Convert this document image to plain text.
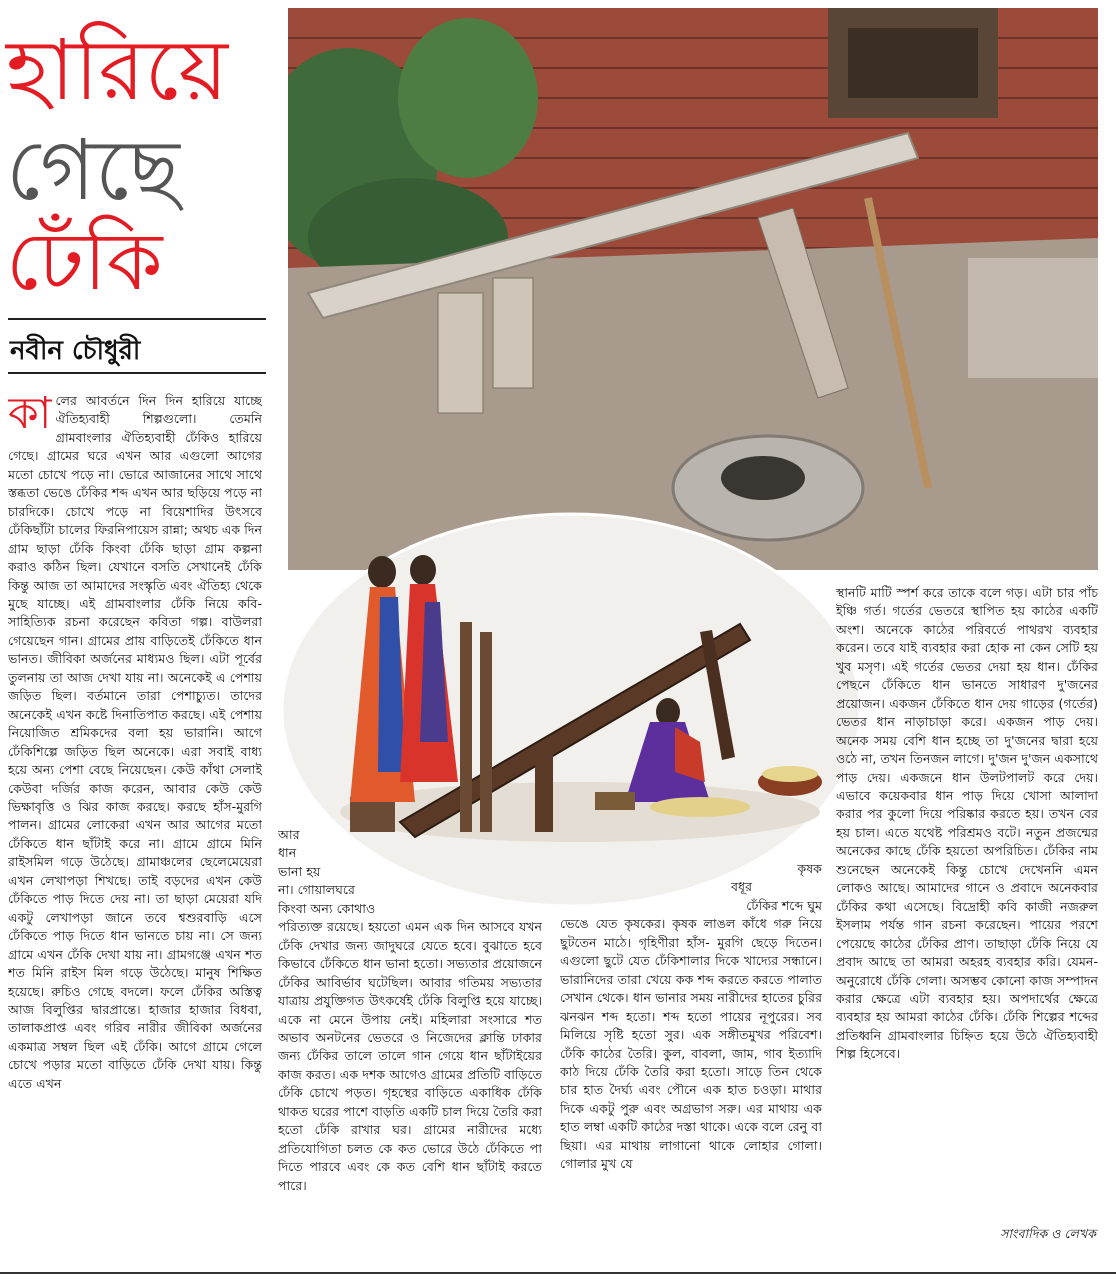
হারিয়ে
গেছে
ঢেঁকি
নবীন চৌধুরী
কা লের আবর্তনে দিন দিন হারিয়ে যাচ্ছে ঐতিহ্যবাহী শিল্পগুলো। তেমনি গ্রামবাংলার ঐতিহ্যবাহী ঢেঁকিও হারিয়ে গেছে। গ্রামের ঘরে এখন আর এগুলো আগের মতো চোখে পড়ে না। ভোরে আজানের সাথে সাথে স্তব্ধতা ভেঙে ঢেঁকির শব্দ এখন আর ছড়িয়ে পড়ে না চারদিকে। চোখে পড়ে না বিয়েশাদির উৎসবে ঢেঁকিছাঁটা চালের ফিরনিপায়েস রান্না; অথচ এক দিন গ্রাম ছাড়া ঢেঁকি কিংবা ঢেঁকি ছাড়া গ্রাম কল্পনা করাও কঠিন ছিল। যেখানে বসতি সেখানেই ঢেঁকি কিন্তু আজ তা আমাদের সংস্কৃতি এবং ঐতিহ্য থেকে মুছে যাচ্ছে। এই গ্রামবাংলার ঢেঁকি নিয়ে কবি-সাহিত্যিক রচনা করেছেন কবিতা গল্প। বাউলরা গেয়েছেন গান। গ্রামের প্রায় বাড়িতেই ঢেঁকিতে ধান ভানত। জীবিকা অর্জনের মাধ্যমও ছিল। এটা পূর্বের তুলনায় তা আজ দেখা যায় না। অনেকেই এ পেশায় জড়িত ছিল। বর্তমানে তারা পেশাচ্যুত। তাদের অনেকেই এখন কষ্টে দিনাতিপাত করছে। এই পেশায় নিয়োজিত শ্রমিকদের বলা হয় ভারানি। আগে ঢেঁকিশিল্পে জড়িত ছিল অনেকে। এরা সবাই বাধ্য হয়ে অন্য পেশা বেছে নিয়েছেন। কেউ কাঁথা সেলাই কেউবা দর্জির কাজ করেন, আবার কেউ কেউ ভিক্ষাবৃত্তি ও ঝির কাজ করছে। করছে হাঁস-মুরগি পালন। গ্রামের লোকেরা এখন আর আগের মতো ঢেঁকিতে ধান ছাঁটাই করে না। গ্রামে গ্রামে মিনি রাইসমিল গড়ে উঠেছে। গ্রামাঞ্চলের ছেলেমেয়েরা এখন লেখাপড়া শিখছে। তাই বড়দের এখন কেউ ঢেঁকিতে পাড় দিতে দেয় না। তা ছাড়া মেয়েরা যদি একটু লেখাপড়া জানে তবে শ্বশুরবাড়ি এসে ঢেঁকিতে পাড় দিতে ধান ভানতে চায় না। সে জন্য গ্রামে এখন ঢেঁকি দেখা যায় না। গ্রামগঞ্জে এখন শত শত মিনি রাইস মিল গড়ে উঠেছে। মানুষ শিক্ষিত হয়েছে। রুচিও গেছে বদলে। ফলে ঢেঁকির অস্তিত্ব আজ বিলুপ্তির দ্বারপ্রান্তে। হাজার হাজার বিধবা, তালাকপ্রাপ্ত এবং গরিব নারীর জীবিকা অর্জনের একমাত্র সম্বল ছিল এই ঢেঁকি। আগে গ্রামে গেলে চোখে পড়ার মতো বাড়িতে ঢেঁকি দেখা যায়। কিন্তু এতে এখন
আর
ধান
ভানা হয়
না। গোয়ালঘরে
কিংবা অন্য কোথাও
পরিত্যক্ত রয়েছে। হয়তো এমন এক দিন আসবে যখন ঢেঁকি দেখার জন্য জাদুঘরে যেতে হবে। বুঝাতে হবে কিভাবে ঢেঁকিতে ধান ভানা হতো। সভ্যতার প্রয়োজনে ঢেঁকির আবির্ভাব ঘটেছিল। আবার গতিময় সভ্যতার যাত্রায় প্রযুক্তিগত উৎকর্ষেই ঢেঁকি বিলুপ্তি হয়ে যাচ্ছে। একে না মেনে উপায় নেই। মহিলারা সংসারে শত অভাব অনটনের ভেতরে ও নিজেদের ক্লান্তি ঢাকার জন্য ঢেঁকির তালে তালে গান গেয়ে ধান ছাঁটাইয়ের কাজ করত। এক দশক আগেও গ্রামের প্রতিটি বাড়িতে ঢেঁকি চোখে পড়ত। গৃহস্থের বাড়িতে একাধিক ঢেঁকি থাকত ঘরের পাশে বাড়তি একটি চাল দিয়ে তৈরি করা হতো ঢেঁকি রাখার ঘর। গ্রামের নারীদের মধ্যে প্রতিযোগিতা চলত কে কত ভোরে উঠে ঢেঁকিতে পা দিতে পারবে এবং কে কত বেশি ধান ছাঁটাই করতে পারে।
কৃষক
বধূর
ঢেঁকির শব্দে ঘুম
ভেঙে যেত কৃষকের। কৃষক লাঙল কাঁধে গরু নিয়ে ছুটতেন মাঠে। গৃহিণীরা হাঁস- মুরগি ছেড়ে দিতেন। এগুলো ছুটে যেত ঢেঁকিশালার দিকে খাদ্যের সন্ধানে। ভারানিদের তারা খেয়ে কক শব্দ করতে করতে পালাত সেখান থেকে। ধান ভানার সময় নারীদের হাতের চুরির ঝনঝন শব্দ হতো। শব্দ হতো পায়ের নূপুরের। সব মিলিয়ে সৃষ্টি হতো সুর। এক সঙ্গীতমুখর পরিবেশ। ঢেঁকি কাঠের তৈরি। কুল, বাবলা, জাম, গাব ইত্যাদি কাঠ দিয়ে ঢেঁকি তৈরি করা হতো। সাড়ে তিন থেকে চার হাত দৈর্ঘ্য এবং পৌনে এক হাত চওড়া। মাথার দিকে একটু পুরু এবং অগ্রভাগ সরু। এর মাথায় এক হাত লম্বা একটি কাঠের দস্তা থাকে। একে বলে রেনু বা ছিয়া। এর মাথায় লাগানো থাকে লোহার গোলা। গোলার মুখ যে
স্থানটি মাটি স্পর্শ করে তাকে বলে গড়। এটা চার পাঁচ ইঞ্চি গর্ত। গর্তের ভেতরে স্থাপিত হয় কাঠের একটি অংশ। অনেকে কাঠের পরিবর্তে পাথরখ ব্যবহার করেন। তবে যাই ব্যবহার করা হোক না কেন সেটি হয় খুব মসৃণ। এই গর্তের ভেতর দেয়া হয় ধান। ঢেঁকির পেছনে ঢেঁকিতে ধান ভানতে সাধারণ দু'জনের প্রয়োজন। একজন ঢেঁকিতে ধান দেয় গাড়ের (গর্তের) ভেতর ধান নাড়াচাড়া করে। একজন পাড় দেয়। অনেক সময় বেশি ধান হচ্ছে তা দু'জনের দ্বারা হয়ে ওঠে না, তখন তিনজন লাগে। দু'জন দু'জন একসাথে পাড় দেয়। একজনে ধান উলটপালট করে দেয়। এভাবে কয়েকবার ধান পাড় দিয়ে খোসা আলাদা করার পর কুলো দিয়ে পরিষ্কার করতে হয়। তখন বের হয় চাল। এতে যথেষ্ট পরিশ্রমও বটে। নতুন প্রজন্মের অনেকের কাছে ঢেঁকি হয়তো অপরিচিত। ঢেঁকির নাম শুনেছেন অনেকেই কিন্তু চোখে দেখেননি এমন লোকও আছে। আমাদের গানে ও প্রবাদে অনেকবার ঢেঁকির কথা এসেছে। বিদ্রোহী কবি কাজী নজরুল ইসলাম পর্যন্ত গান রচনা করেছেন। পায়ের পরশে পেয়েছে কাঠের ঢেঁকির প্রাণ। তাছাড়া ঢেঁকি নিয়ে যে প্রবাদ আছে তা আমরা অহরহ ব্যবহার করি। যেমন- অনুরোধে ঢেঁকি গেলা। অসম্ভব কোনো কাজ সম্পাদন করার ক্ষেত্রে এটা ব্যবহার হয়। অপদার্থের ক্ষেত্রে ব্যবহার হয় আমরা কাঠের ঢেঁকি। ঢেঁকি শিল্পের শব্দের প্রতিধ্বনি গ্রামবাংলার চিহ্নিত হয়ে উঠে ঐতিহ্যবাহী শিল্প হিসেবে।
সাংবাদিক ও লেখক
